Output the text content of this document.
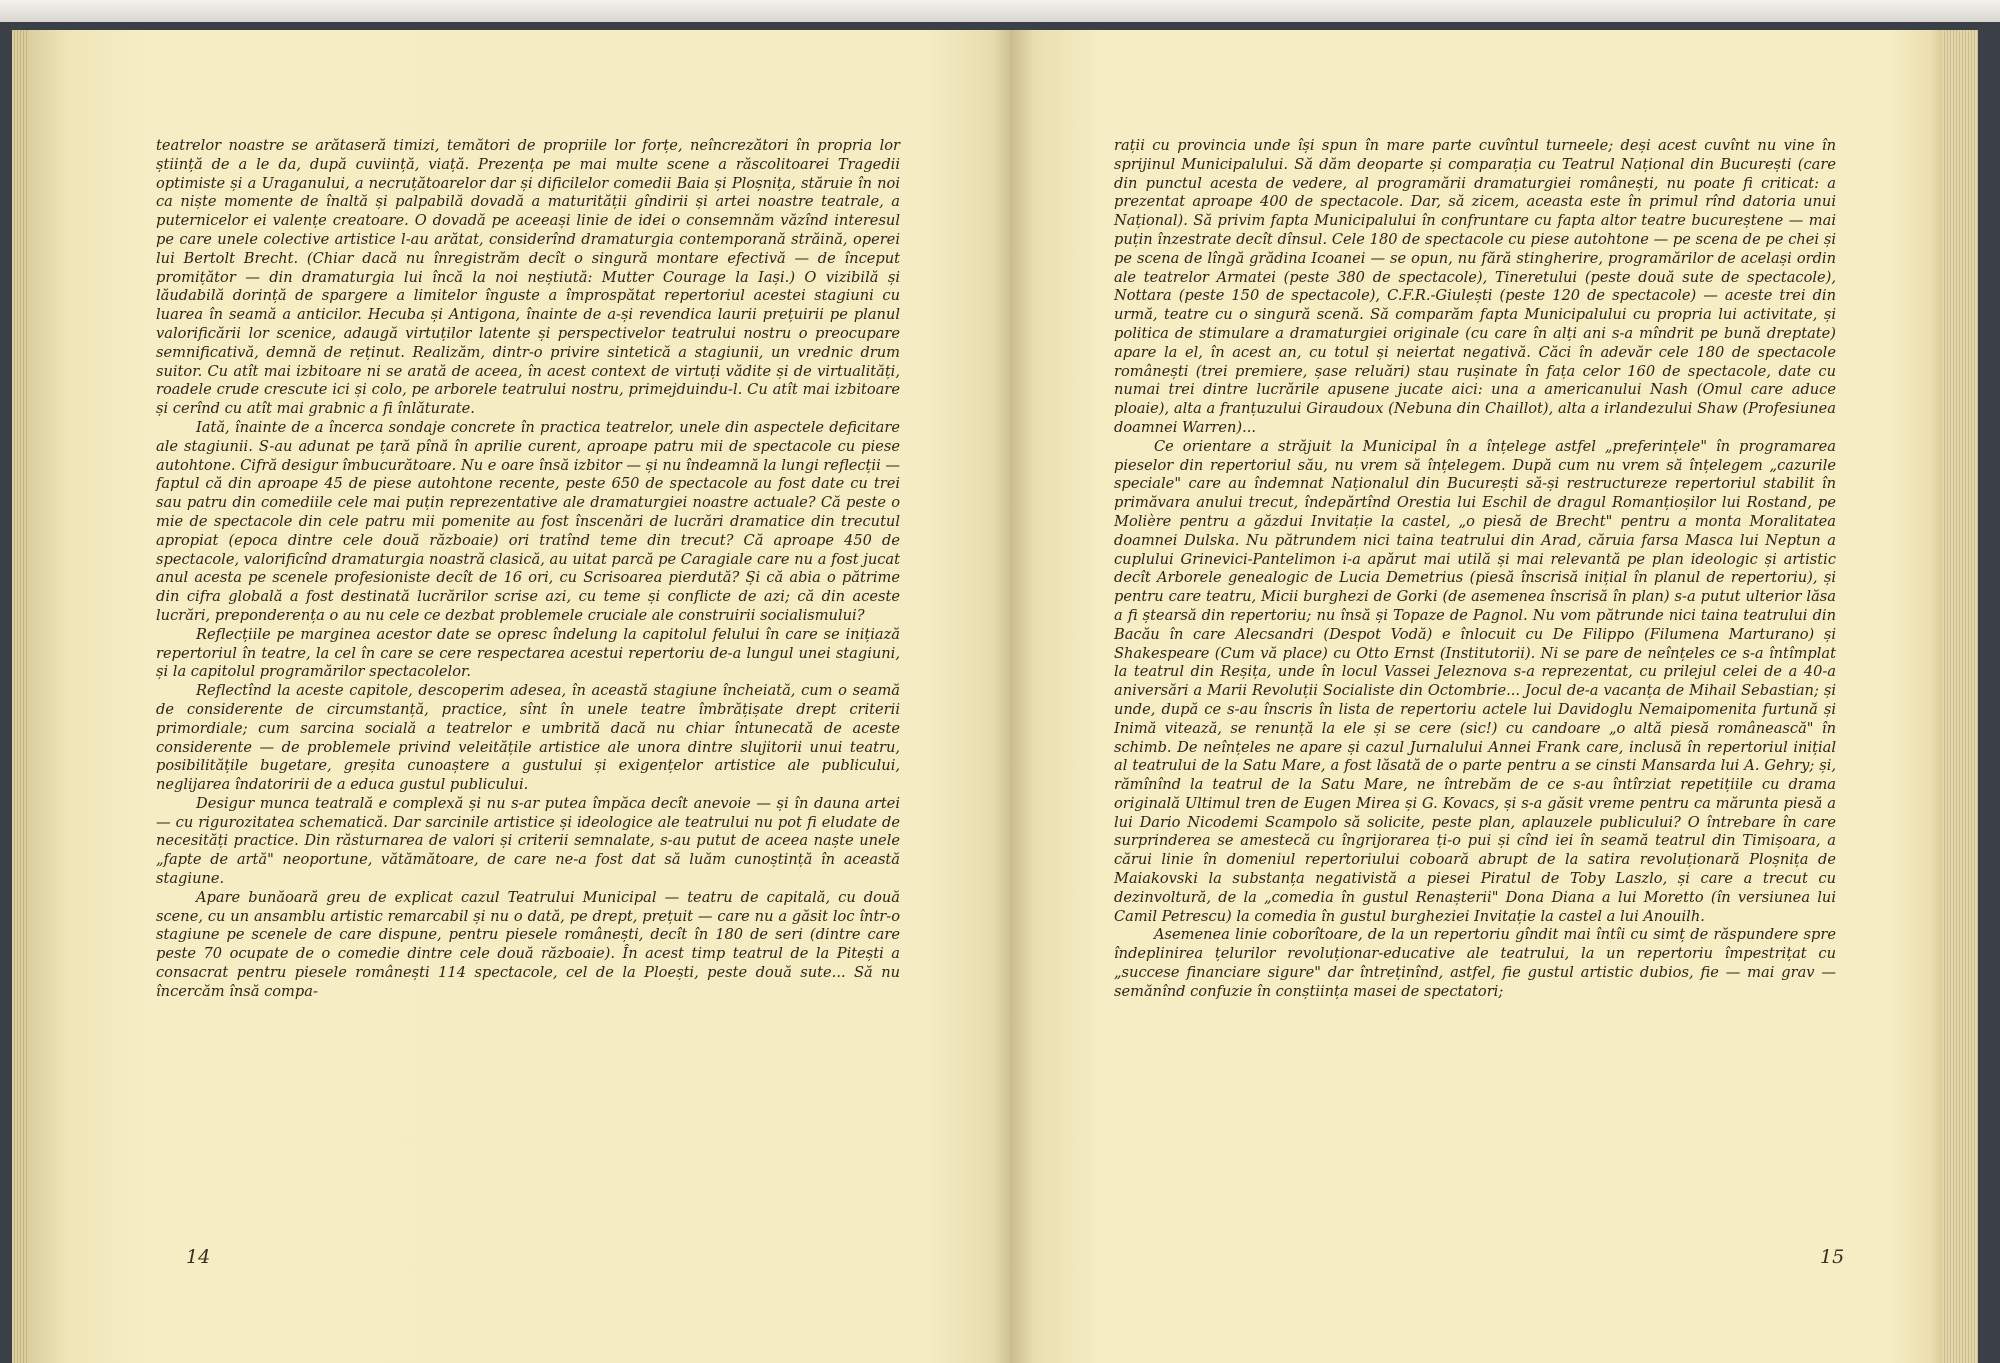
teatrelor noastre se arătaseră timizi, temători de propriile lor forțe, neîncrezători în propria lor știință de a le da, după cuviință, viață. Prezența pe mai multe scene a răscolitoarei Tragedii optimiste și a Uraganului, a necruțătoarelor dar și dificilelor comedii Baia și Ploșnița, stăruie în noi ca niște momente de înaltă și palpabilă dovadă a maturității gîndirii și artei noastre teatrale, a puternicelor ei valențe creatoare. O dovadă pe aceeași linie de idei o consemnăm văzînd interesul pe care unele colective artistice l-au arătat, considerînd dramaturgia contemporană străină, operei lui Bertolt Brecht. (Chiar dacă nu înregistrăm decît o singură montare efectivă — de început promițător — din dramaturgia lui încă la noi neștiută: Mutter Courage la Iași.) O vizibilă și lăudabilă dorință de spargere a limitelor înguste a împrospătat repertoriul acestei stagiuni cu luarea în seamă a anticilor. Hecuba și Antigona, înainte de a-și revendica laurii prețuirii pe planul valorificării lor scenice, adaugă virtuților latente și perspectivelor teatrului nostru o preocupare semnificativă, demnă de reținut. Realizăm, dintr-o privire sintetică a stagiunii, un vrednic drum suitor. Cu atît mai izbitoare ni se arată de aceea, în acest context de virtuți vădite și de virtualități, roadele crude crescute ici și colo, pe arborele teatrului nostru, primejduindu-l. Cu atît mai izbitoare și cerînd cu atît mai grabnic a fi înlăturate.

Iată, înainte de a încerca sondaje concrete în practica teatrelor, unele din aspectele deficitare ale stagiunii. S-au adunat pe țară pînă în aprilie curent, aproape patru mii de spectacole cu piese autohtone. Cifră desigur îmbucurătoare. Nu e oare însă izbitor — și nu îndeamnă la lungi reflecții — faptul că din aproape 45 de piese autohtone recente, peste 650 de spectacole au fost date cu trei sau patru din comediile cele mai puțin reprezentative ale dramaturgiei noastre actuale? Că peste o mie de spectacole din cele patru mii pomenite au fost înscenări de lucrări dramatice din trecutul apropiat (epoca dintre cele două războaie) ori tratînd teme din trecut? Că aproape 450 de spectacole, valorificînd dramaturgia noastră clasică, au uitat parcă pe Caragiale care nu a fost jucat anul acesta pe scenele profesioniste decît de 16 ori, cu Scrisoarea pierdută? Și că abia o pătrime din cifra globală a fost destinată lucrărilor scrise azi, cu teme și conflicte de azi; că din aceste lucrări, preponderența o au nu cele ce dezbat problemele cruciale ale construirii socialismului?

Reflecțiile pe marginea acestor date se opresc îndelung la capitolul felului în care se inițiază repertoriul în teatre, la cel în care se cere respectarea acestui repertoriu de-a lungul unei stagiuni, și la capitolul programărilor spectacolelor.

Reflectînd la aceste capitole, descoperim adesea, în această stagiune încheiată, cum o seamă de considerente de circumstanță, practice, sînt în unele teatre îmbrățișate drept criterii primordiale; cum sarcina socială a teatrelor e umbrită dacă nu chiar întunecată de aceste considerente — de problemele privind veleitățile artistice ale unora dintre slujitorii unui teatru, posibilitățile bugetare, greșita cunoaștere a gustului și exigențelor artistice ale publicului, neglijarea îndatoririi de a educa gustul publicului.

Desigur munca teatrală e complexă și nu s-ar putea împăca decît anevoie — și în dauna artei — cu rigurozitatea schematică. Dar sarcinile artistice și ideologice ale teatrului nu pot fi eludate de necesități practice. Din răsturnarea de valori și criterii semnalate, s-au putut de aceea naște unele „fapte de artă" neoportune, vătămătoare, de care ne-a fost dat să luăm cunoștință în această stagiune.

Apare bunăoară greu de explicat cazul Teatrului Municipal — teatru de capitală, cu două scene, cu un ansamblu artistic remarcabil și nu o dată, pe drept, prețuit — care nu a găsit loc într-o stagiune pe scenele de care dispune, pentru piesele românești, decît în 180 de seri (dintre care peste 70 ocupate de o comedie dintre cele două războaie). În acest timp teatrul de la Pitești a consacrat pentru piesele românești 114 spectacole, cel de la Ploești, peste două sute... Să nu încercăm însă compa-

rații cu provincia unde își spun în mare parte cuvîntul turneele; deși acest cuvînt nu vine în sprijinul Municipalului. Să dăm deoparte și comparația cu Teatrul Național din București (care din punctul acesta de vedere, al programării dramaturgiei românești, nu poate fi criticat: a prezentat aproape 400 de spectacole. Dar, să zicem, aceasta este în primul rînd datoria unui Național). Să privim fapta Municipalului în confruntare cu fapta altor teatre bucureștene — mai puțin înzestrate decît dînsul. Cele 180 de spectacole cu piese autohtone — pe scena de pe chei și pe scena de lîngă grădina Icoanei — se opun, nu fără stingherire, programărilor de același ordin ale teatrelor Armatei (peste 380 de spectacole), Tineretului (peste două sute de spectacole), Nottara (peste 150 de spectacole), C.F.R.-Giulești (peste 120 de spectacole) — aceste trei din urmă, teatre cu o singură scenă. Să comparăm fapta Municipalului cu propria lui activitate, și politica de stimulare a dramaturgiei originale (cu care în alți ani s-a mîndrit pe bună dreptate) apare la el, în acest an, cu totul și neiertat negativă. Căci în adevăr cele 180 de spectacole românești (trei premiere, șase reluări) stau rușinate în fața celor 160 de spectacole, date cu numai trei dintre lucrările apusene jucate aici: una a americanului Nash (Omul care aduce ploaie), alta a franțuzului Giraudoux (Nebuna din Chaillot), alta a irlandezului Shaw (Profesiunea doamnei Warren)...

Ce orientare a străjuit la Municipal în a înțelege astfel „preferințele" în programarea pieselor din repertoriul său, nu vrem să înțelegem. După cum nu vrem să înțelegem „cazurile speciale" care au îndemnat Naționalul din București să-și restructureze repertoriul stabilit în primăvara anului trecut, îndepărtînd Orestia lui Eschil de dragul Romanțioșilor lui Rostand, pe Molière pentru a găzdui Invitație la castel, „o piesă de Brecht" pentru a monta Moralitatea doamnei Dulska. Nu pătrundem nici taina teatrului din Arad, căruia farsa Masca lui Neptun a cuplului Grinevici-Pantelimon i-a apărut mai utilă și mai relevantă pe plan ideologic și artistic decît Arborele genealogic de Lucia Demetrius (piesă înscrisă inițial în planul de repertoriu), și pentru care teatru, Micii burghezi de Gorki (de asemenea înscrisă în plan) s-a putut ulterior lăsa a fi ștearsă din repertoriu; nu însă și Topaze de Pagnol. Nu vom pătrunde nici taina teatrului din Bacău în care Alecsandri (Despot Vodă) e înlocuit cu De Filippo (Filumena Marturano) și Shakespeare (Cum vă place) cu Otto Ernst (Institutorii). Ni se pare de neînțeles ce s-a întîmplat la teatrul din Reșița, unde în locul Vassei Jeleznova s-a reprezentat, cu prilejul celei de a 40-a aniversări a Marii Revoluții Socialiste din Octombrie... Jocul de-a vacanța de Mihail Sebastian; și unde, după ce s-au înscris în lista de repertoriu actele lui Davidoglu Nemaipomenita furtună și Inimă vitează, se renunță la ele și se cere (sic!) cu candoare „o altă piesă românească" în schimb. De neînțeles ne apare și cazul Jurnalului Annei Frank care, inclusă în repertoriul inițial al teatrului de la Satu Mare, a fost lăsată de o parte pentru a se cinsti Mansarda lui A. Gehry; și, rămînînd la teatrul de la Satu Mare, ne întrebăm de ce s-au întîrziat repetițiile cu drama originală Ultimul tren de Eugen Mirea și G. Kovacs, și s-a găsit vreme pentru ca mărunta piesă a lui Dario Nicodemi Scampolo să solicite, peste plan, aplauzele publicului? O întrebare în care surprinderea se amestecă cu îngrijorarea ți-o pui și cînd iei în seamă teatrul din Timișoara, a cărui linie în domeniul repertoriului coboară abrupt de la satira revoluționară Ploșnița de Maiakovski la substanța negativistă a piesei Piratul de Toby Laszlo, și care a trecut cu dezinvoltură, de la „comedia în gustul Renașterii" Dona Diana a lui Moretto (în versiunea lui Camil Petrescu) la comedia în gustul burgheziei Invitație la castel a lui Anouilh.

Asemenea linie coborîtoare, de la un repertoriu gîndit mai întîi cu simț de răspundere spre îndeplinirea țelurilor revoluționar-educative ale teatrului, la un repertoriu împestrițat cu „succese financiare sigure" dar întreținînd, astfel, fie gustul artistic dubios, fie — mai grav — semănînd confuzie în conștiința masei de spectatori;

14	15
